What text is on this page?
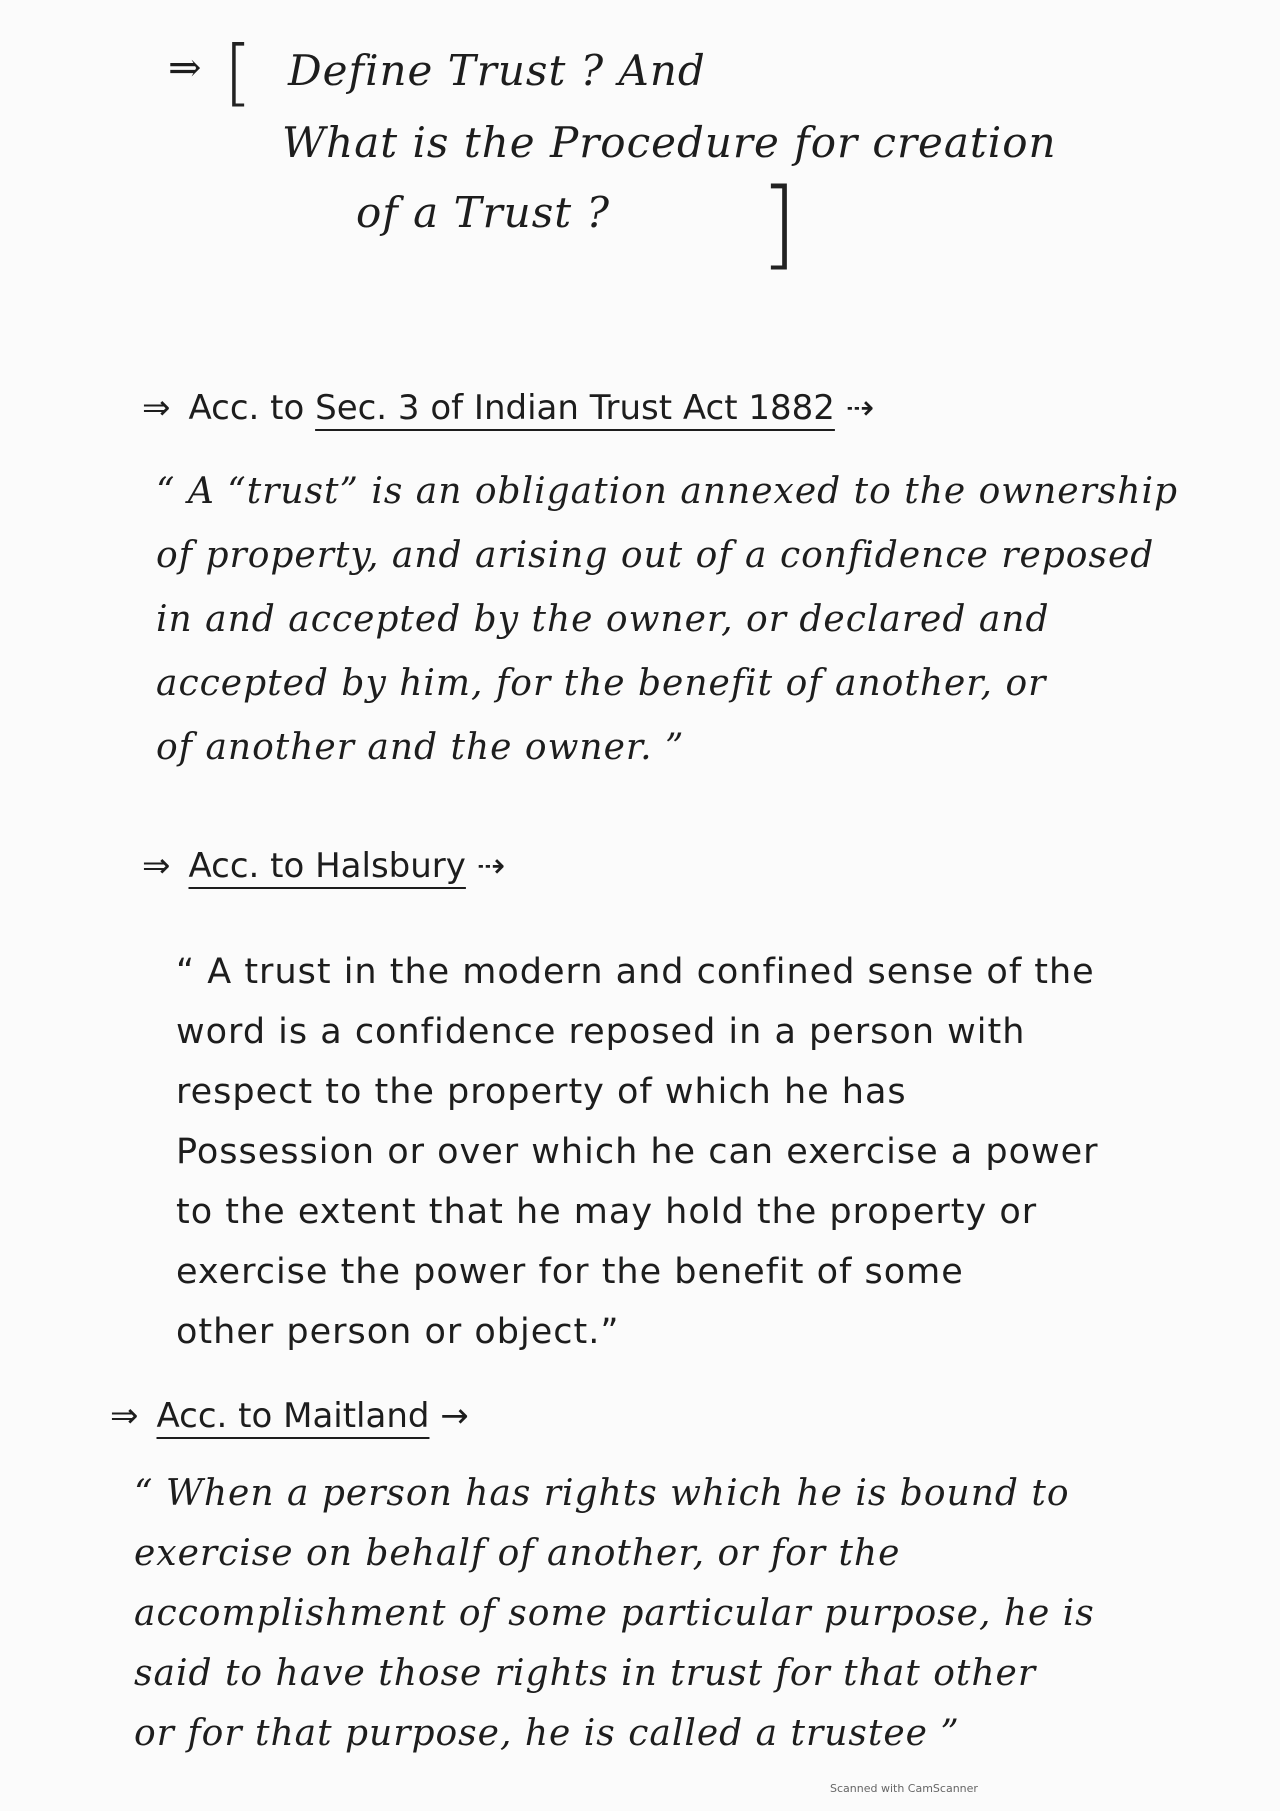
⇒ [ Define Trust ? And
What is the Procedure for creation
of a Trust ? ]
⇒ Acc. to Sec. 3 of Indian Trust Act 1882 ⇢
“ A “trust” is an obligation annexed to the ownership
of property, and arising out of a confidence reposed
in and accepted by the owner, or declared and
accepted by him, for the benefit of another, or
of another and the owner. ”
⇒ Acc. to Halsbury ⇢
“ A trust in the modern and confined sense of the
word is a confidence reposed in a person with
respect to the property of which he has
Possession or over which he can exercise a power
to the extent that he may hold the property or
exercise the power for the benefit of some
other person or object.”
⇒ Acc. to Maitland →
“ When a person has rights which he is bound to
exercise on behalf of another, or for the
accomplishment of some particular purpose, he is
said to have those rights in trust for that other
or for that purpose, he is called a trustee ”
Scanned with CamScanner
